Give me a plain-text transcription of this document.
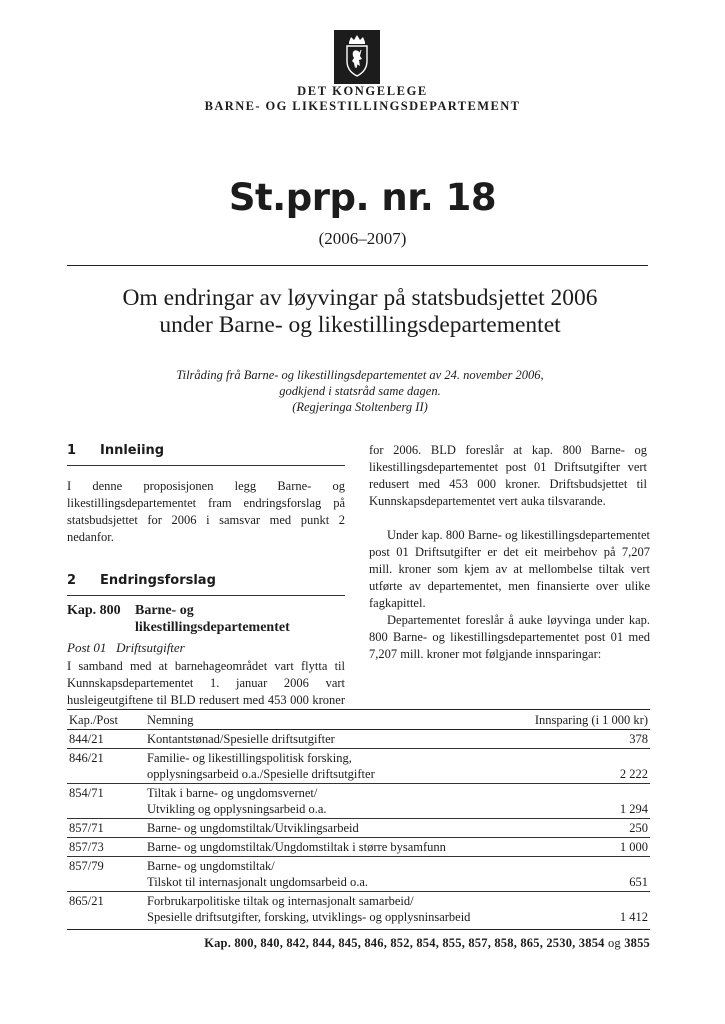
DET KONGELEGE
BARNE- OG LIKESTILLINGSDEPARTEMENT
St.prp. nr. 18
(2006–2007)
Om endringar av løyvingar på statsbudsjettet 2006
under Barne- og likestillingsdepartementet
Tilråding frå Barne- og likestillingsdepartementet av 24. november 2006,
godkjend i statsråd same dagen.
(Regjeringa Stoltenberg II)
1	Innleiing

I denne proposisjonen legg Barne- og likestillingsdepartementet fram endringsforslag på statsbudsjettet for 2006 i samsvar med punkt 2 nedanfor.

2	Endringsforslag
Kap. 800	Barne- og
likestillingsdepartementet
Post 01 Driftsutgifter

I samband med at barnehageområdet vart flytta til Kunnskapsdepartementet 1. januar 2006 vart husleigeutgiftene til BLD redusert med 453 000 kroner

for 2006. BLD foreslår at kap. 800 Barne- og likestillingsdepartementet post 01 Driftsutgifter vert redusert med 453 000 kroner. Driftsbudsjettet til Kunnskapsdepartementet vert auka tilsvarande.

Under kap. 800 Barne- og likestillingsdepartementet post 01 Driftsutgifter er det eit meirbehov på 7,207 mill. kroner som kjem av at mellombelse tiltak vert utførte av departementet, men finansierte over ulike fagkapittel.

Departementet foreslår å auke løyvinga under kap. 800 Barne- og likestillingsdepartementet post 01 med 7,207 mill. kroner mot følgjande innsparingar:

Kap./Post	Nemning	Innsparing (i 1 000 kr)
844/21	Kontantstønad/Spesielle driftsutgifter	378
846/21	Familie- og likestillingspolitisk forsking,
opplysningsarbeid o.a./Spesielle driftsutgifter	2 222
854/71	Tiltak i barne- og ungdomsvernet/
Utvikling og opplysningsarbeid o.a.	1 294
857/71	Barne- og ungdomstiltak/Utviklingsarbeid	250
857/73	Barne- og ungdomstiltak/Ungdomstiltak i større bysamfunn	1 000
857/79	Barne- og ungdomstiltak/
Tilskot til internasjonalt ungdomsarbeid o.a.	651
865/21	Forbrukarpolitiske tiltak og internasjonalt samarbeid/
Spesielle driftsutgifter, forsking, utviklings- og opplysninsarbeid	1 412
Kap. 800, 840, 842, 844, 845, 846, 852, 854, 855, 857, 858, 865, 2530, 3854 og 3855
